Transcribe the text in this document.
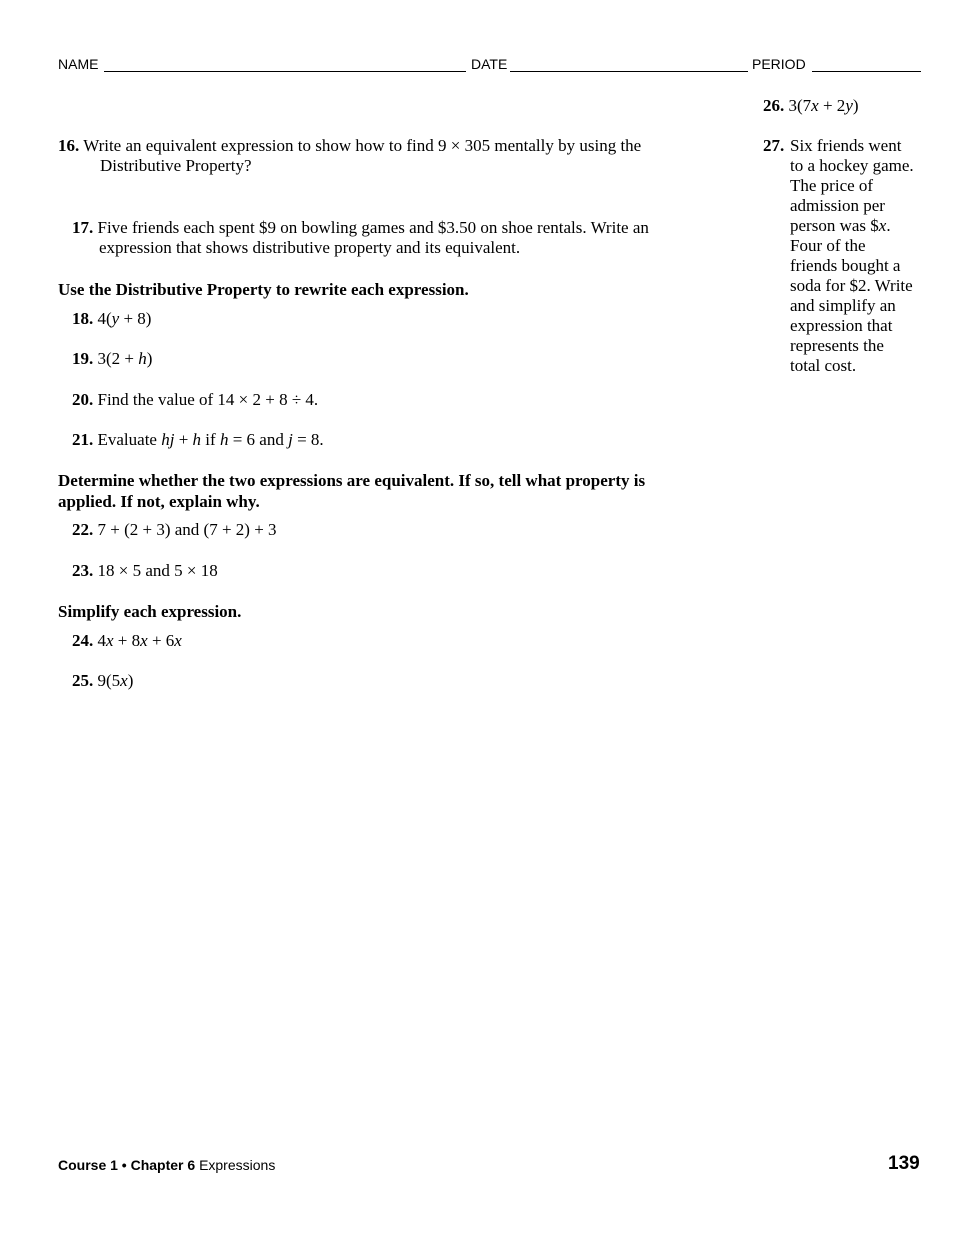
NAME	DATE	PERIOD
16. Write an equivalent expression to show how to find 9 × 305 mentally by using the Distributive Property?
17. Five friends each spent $9 on bowling games and $3.50 on shoe rentals. Write an expression that shows distributive property and its equivalent.
Use the Distributive Property to rewrite each expression.
18. 4(y + 8)
19. 3(2 + h)
20. Find the value of 14 × 2 + 8 ÷ 4.
21. Evaluate hj + h if h = 6 and j = 8.
Determine whether the two expressions are equivalent. If so, tell what property is
applied. If not, explain why.
22. 7 + (2 + 3) and (7 + 2) + 3
23. 18 × 5 and 5 × 18
Simplify each expression.
24. 4x + 8x + 6x
25. 9(5x)
26. 3(7x + 2y)
27. Six friends went
to a hockey game.
The price of
admission per
person was $x.
Four of the
friends bought a
soda for $2. Write
and simplify an
expression that
represents the
total cost.
Course 1 • Chapter 6 Expressions	139
